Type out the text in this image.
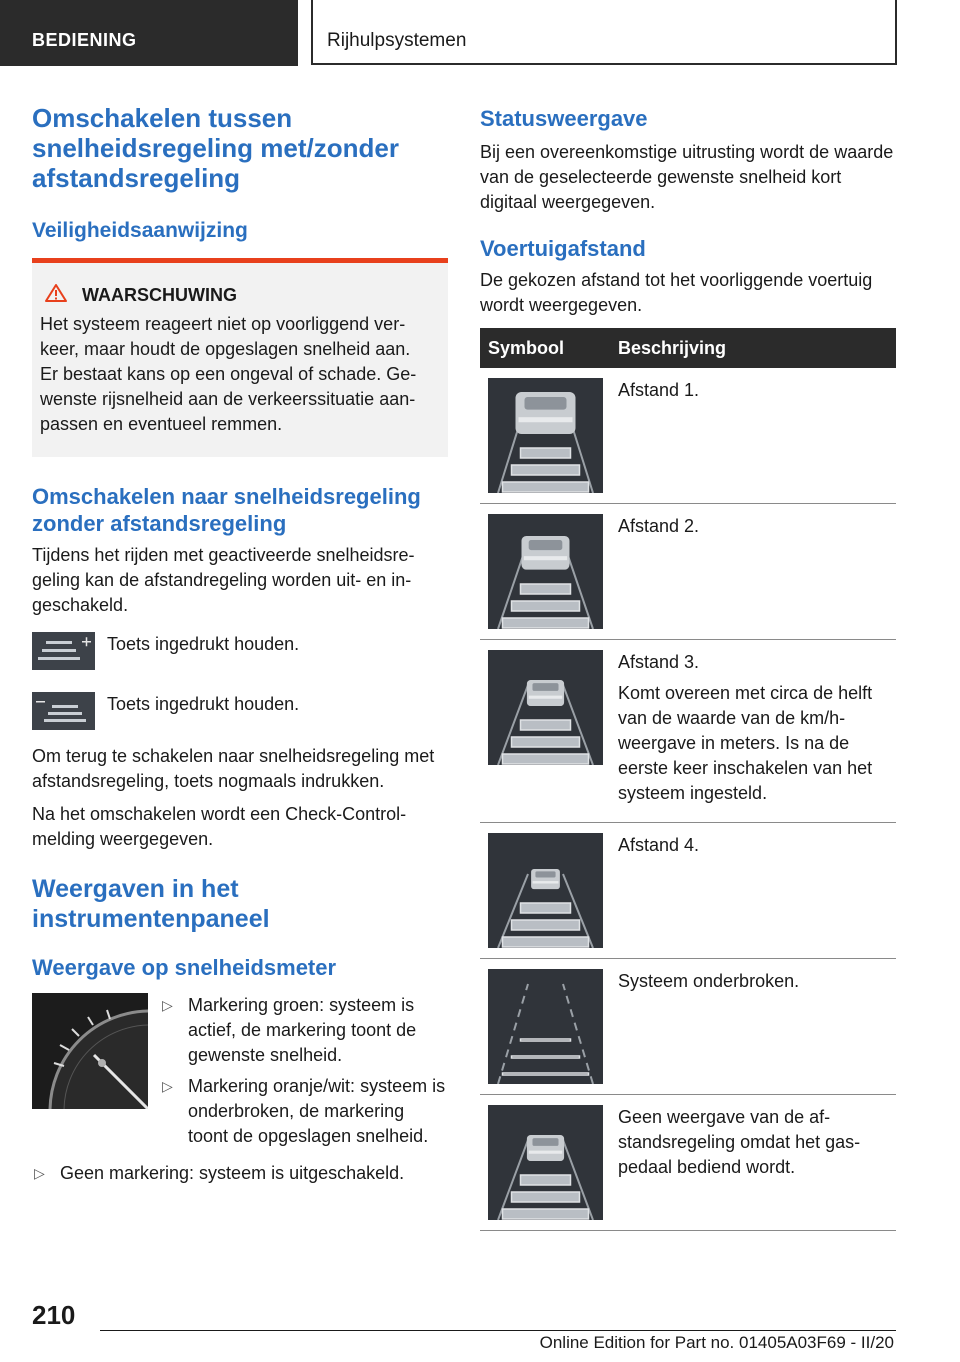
BEDIENING	Rijhulpsystemen
Omschakelen tussen snelheidsregeling met/zonder afstandsregeling
Veiligheidsaanwijzing
WAARSCHUWING

Het systeem reageert niet op voorliggend verkeer, maar houdt de opgeslagen snelheid aan. Er bestaat kans op een ongeval of schade. Gewenste rijsnelheid aan de verkeerssituatie aanpassen en eventueel remmen.

Omschakelen naar snelheidsregeling zonder afstandsregeling

Tijdens het rijden met geactiveerde snelheidsregeling kan de afstandregeling worden uit- en ingeschakeld.

Toets ingedrukt houden.
Toets ingedrukt houden.

Om terug te schakelen naar snelheidsregeling met afstandsregeling, toets nogmaals indrukken.

Na het omschakelen wordt een Check-Control-melding weergegeven.

Weergaven in het instrumentenpaneel
Weergave op snelheidsmeter
▷ Markering groen: systeem is actief, de markering toont de gewenste snelheid.
▷ Markering oranje/wit: systeem is onderbroken, de markering toont de opgeslagen snelheid.
▷ Geen markering: systeem is uitgeschakeld.
Statusweergave

Bij een overeenkomstige uitrusting wordt de waarde van de geselecteerde gewenste snelheid kort digitaal weergegeven.

Voertuigafstand

De gekozen afstand tot het voorliggende voertuig wordt weergegeven.

Symbool	Beschrijving

Afstand 1.

Afstand 2.

Afstand 3.

Komt overeen met circa de helft van de waarde van de km/h-weergave in meters. Is na de eerste keer inschakelen van het systeem ingesteld.

Afstand 4.

Systeem onderbroken.

Geen weergave van de afstandsregeling omdat het gaspedaal bediend wordt.

210
Online Edition for Part no. 01405A03F69 - II/20
